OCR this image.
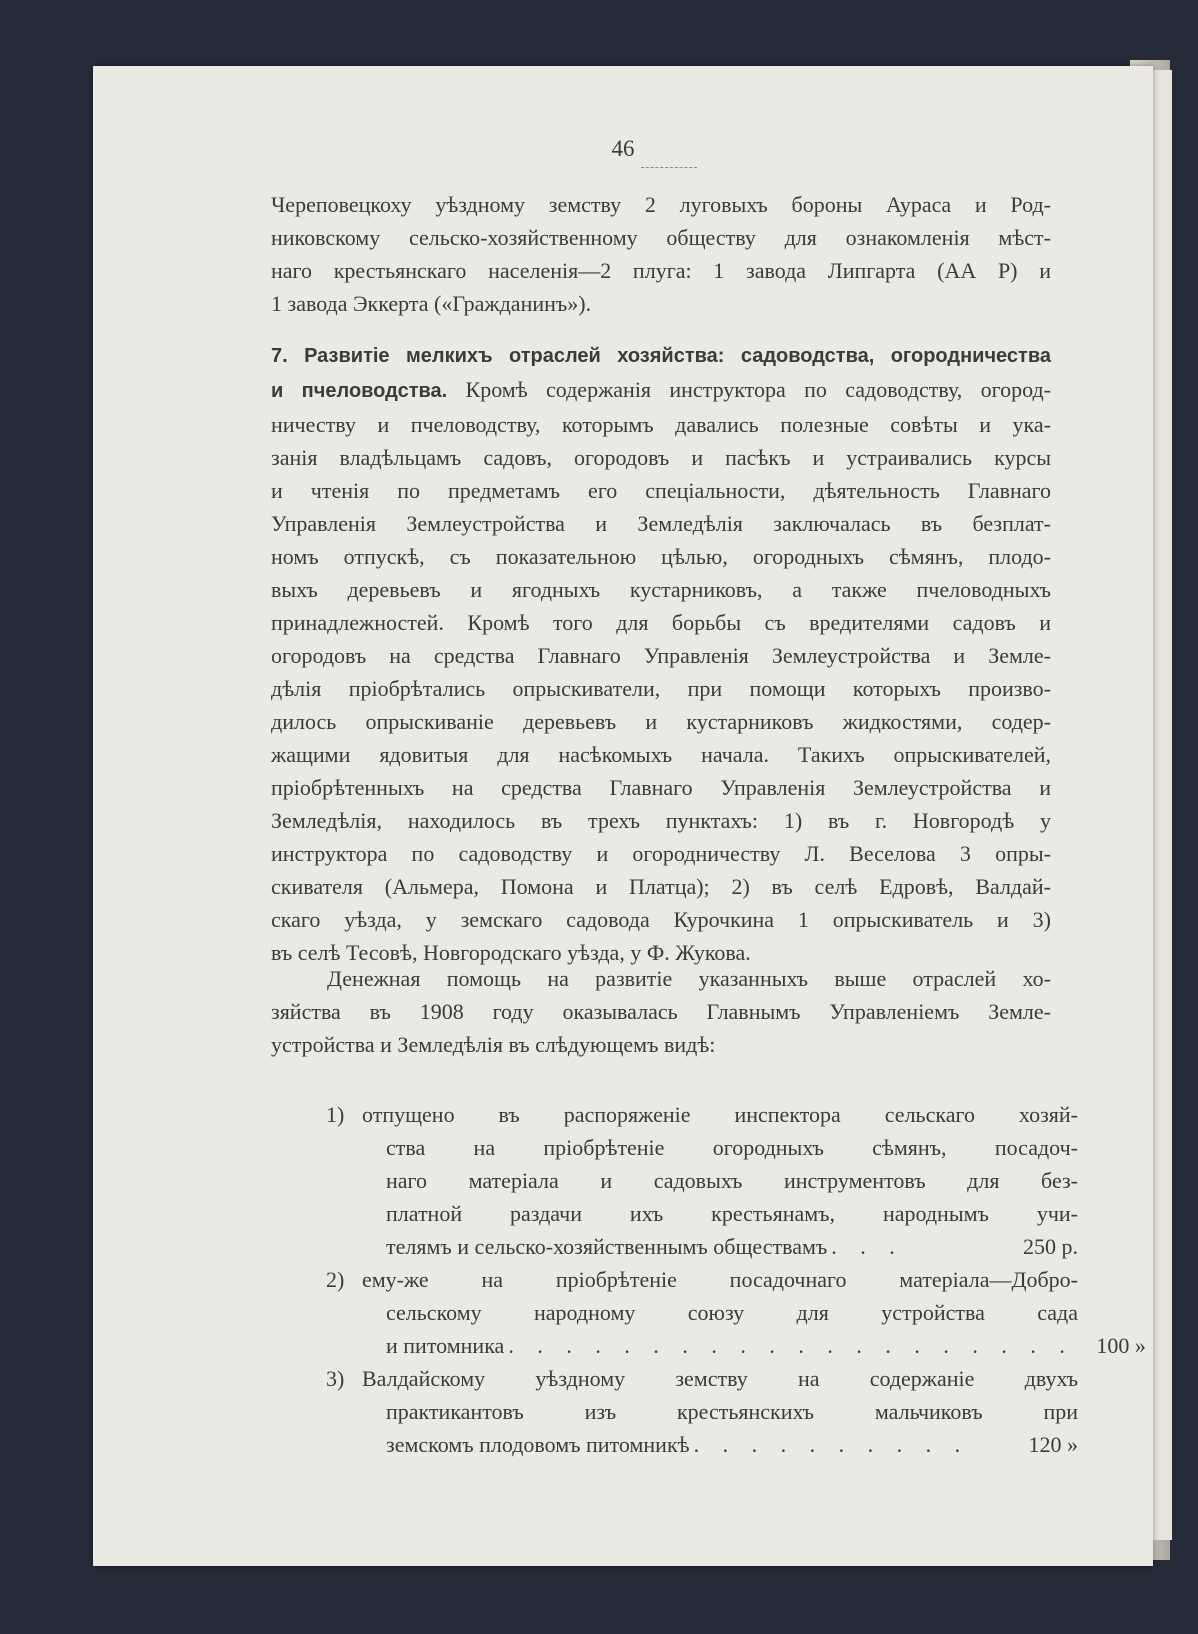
46
Череповецкоху уѣздному земству 2 луговыхъ бороны Aypaca и Род-
никовскому сельско-хозяйственному обществу для ознакомленія мѣст-
наго крестьянскаго населенія—2 плуга: 1 завода Липгарта (АА Р) и
1 завода Эккерта («Гражданинъ»).
7. Развитіе мелкихъ отраслей хозяйства: садоводства, огородничества
и пчеловодства. Кромѣ содержанія инструктора по садоводству, огород-
ничеству и пчеловодству, которымъ давались полезные совѣты и ука-
занія владѣльцамъ садовъ, огородовъ и пасѣкъ и устраивались курсы
и чтенія по предметамъ его спеціальности, дѣятельность Главнаго
Управленія Землеустройства и Земледѣлія заключалась въ безплат-
номъ отпускѣ, съ показательною цѣлью, огородныхъ сѣмянъ, плодо-
выхъ деревьевъ и ягодныхъ кустарниковъ, а также пчеловодныхъ
принадлежностей. Кромѣ того для борьбы съ вредителями садовъ и
огородовъ на средства Главнаго Управленія Землеустройства и Земле-
дѣлія пріобрѣтались опрыскиватели, при помощи которыхъ произво-
дилось опрыскиваніе деревьевъ и кустарниковъ жидкостями, содер-
жащими ядовитыя для насѣкомыхъ начала. Такихъ опрыскивателей,
пріобрѣтенныхъ на средства Главнаго Управленія Землеустройства и
Земледѣлія, находилось въ трехъ пунктахъ: 1) въ г. Новгородѣ у
инструктора по садоводству и огородничеству Л. Веселова 3 опры-
скивателя (Альмера, Помона и Платца); 2) въ селѣ Едровѣ, Валдай-
скаго уѣзда, у земскаго садовода Курочкина 1 опрыскиватель и 3)
въ селѣ Тесовѣ, Новгородскаго уѣзда, у Ф. Жукова.
Денежная помощь на развитіе указанныхъ выше отраслей хо-
зяйства въ 1908 году оказывалась Главнымъ Управленіемъ Земле-
устройства и Земледѣлія въ слѣдующемъ видѣ:
1) отпущено въ распоряженіе инспектора сельскаго хозяй-
ства на пріобрѣтеніе огородныхъ сѣмянъ, посадоч-
наго матеріала и садовыхъ инструментовъ для без-
платной раздачи ихъ крестьянамъ, народнымъ учи-
телямъ и сельско-хозяйственнымъ обществамъ . . .	250 р.
2) ему-же на пріобрѣтеніе посадочнаго матеріала—Добро-
сельскому народному союзу для устройства сада
и питомника . . . . . . . . . . . . . . . . . . . .	100 »
3) Валдайскому уѣздному земству на содержаніе двухъ
практикантовъ изъ крестьянскихъ мальчиковъ при
земскомъ плодовомъ питомникѣ . . . . . . . . . .	120 »
